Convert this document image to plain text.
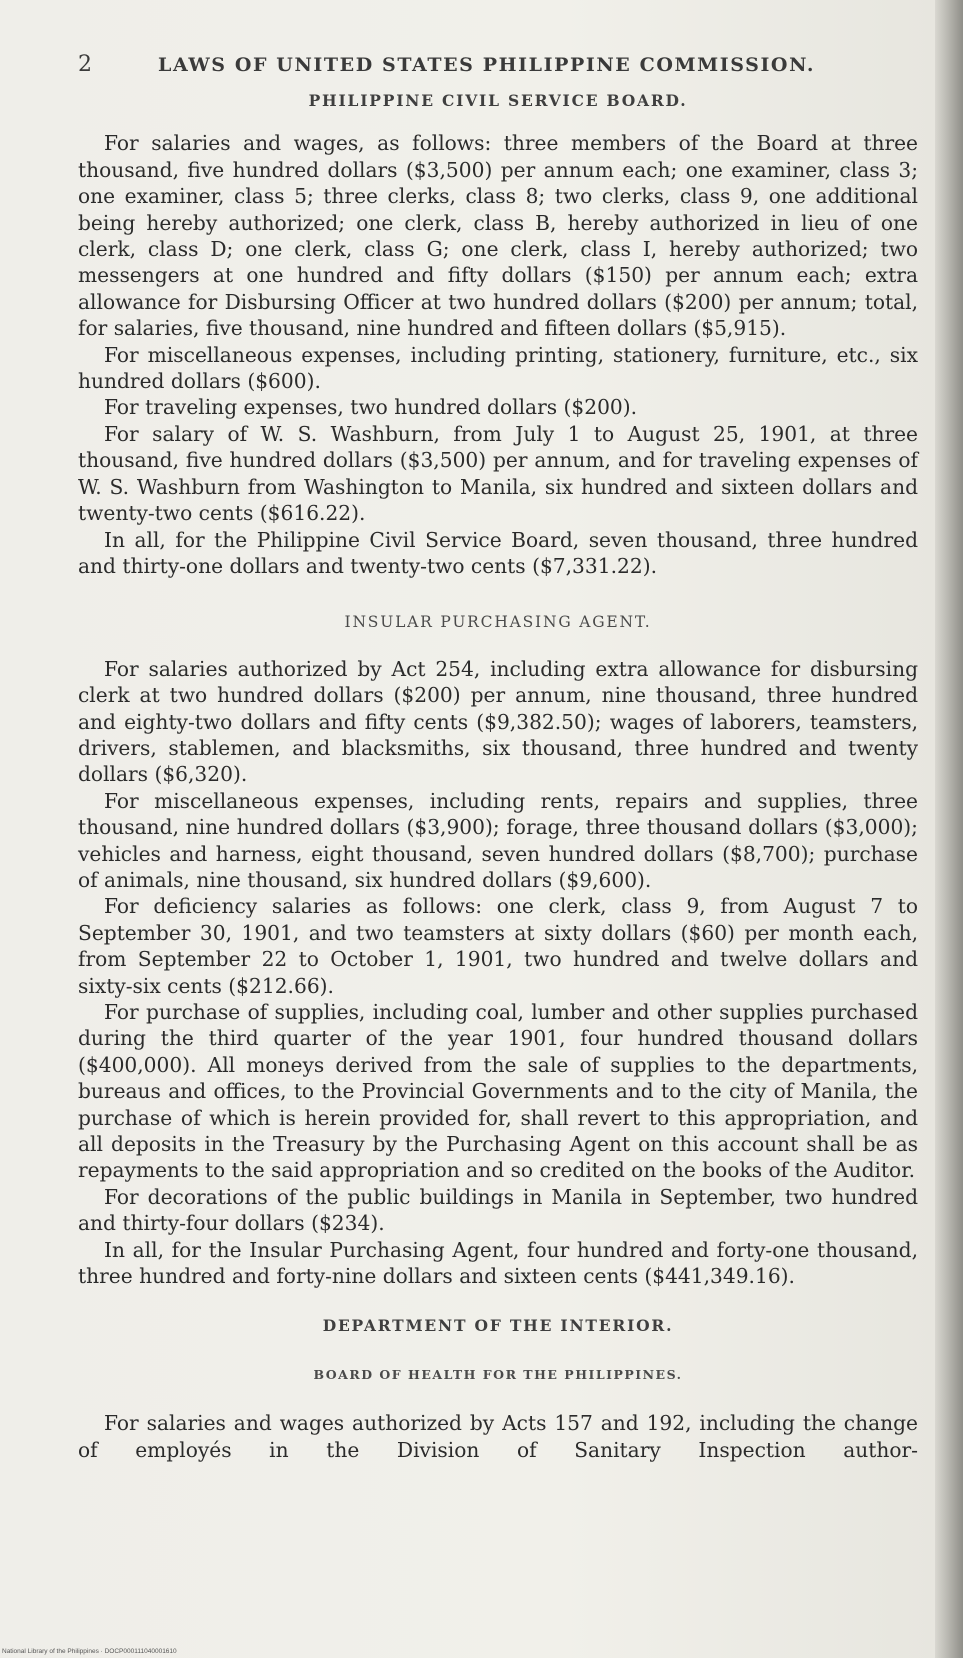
2	LAWS OF UNITED STATES PHILIPPINE COMMISSION.
PHILIPPINE CIVIL SERVICE BOARD.

For salaries and wages, as follows: three members of the Board at three thousand, five hundred dollars ($3,500) per annum each; one examiner, class 3; one examiner, class 5; three clerks, class 8; two clerks, class 9, one additional being hereby authorized; one clerk, class B, hereby authorized in lieu of one clerk, class D; one clerk, class G; one clerk, class I, hereby authorized; two messengers at one hundred and fifty dollars ($150) per annum each; extra allowance for Disbursing Officer at two hundred dollars ($200) per annum; total, for salaries, five thousand, nine hundred and fifteen dollars ($5,915).

For miscellaneous expenses, including printing, stationery, furniture, etc., six hundred dollars ($600).

For traveling expenses, two hundred dollars ($200).

For salary of W. S. Washburn, from July 1 to August 25, 1901, at three thousand, five hundred dollars ($3,500) per annum, and for traveling expenses of W. S. Washburn from Washington to Manila, six hundred and sixteen dollars and twenty-two cents ($616.22).

In all, for the Philippine Civil Service Board, seven thousand, three hundred and thirty-one dollars and twenty-two cents ($7,331.22).

INSULAR PURCHASING AGENT.

For salaries authorized by Act 254, including extra allowance for disbursing clerk at two hundred dollars ($200) per annum, nine thousand, three hundred and eighty-two dollars and fifty cents ($9,382.50); wages of laborers, teamsters, drivers, stablemen, and blacksmiths, six thousand, three hundred and twenty dollars ($6,320).

For miscellaneous expenses, including rents, repairs and supplies, three thousand, nine hundred dollars ($3,900); forage, three thousand dollars ($3,000); vehicles and harness, eight thousand, seven hundred dollars ($8,700); purchase of animals, nine thousand, six hundred dollars ($9,600).

For deficiency salaries as follows: one clerk, class 9, from August 7 to September 30, 1901, and two teamsters at sixty dollars ($60) per month each, from September 22 to October 1, 1901, two hundred and twelve dollars and sixty-six cents ($212.66).

For purchase of supplies, including coal, lumber and other supplies purchased during the third quarter of the year 1901, four hundred thousand dollars ($400,000). All moneys derived from the sale of supplies to the departments, bureaus and offices, to the Provincial Governments and to the city of Manila, the purchase of which is herein provided for, shall revert to this appropriation, and all deposits in the Treasury by the Purchasing Agent on this account shall be as repayments to the said appropriation and so credited on the books of the Auditor.

For decorations of the public buildings in Manila in September, two hundred and thirty-four dollars ($234).

In all, for the Insular Purchasing Agent, four hundred and forty-one thousand, three hundred and forty-nine dollars and sixteen cents ($441,349.16).

DEPARTMENT OF THE INTERIOR.
BOARD OF HEALTH FOR THE PHILIPPINES.

For salaries and wages authorized by Acts 157 and 192, including the change of employés in the Division of Sanitary Inspection author-

National Library of the Philippines · DOCP000111040001610
